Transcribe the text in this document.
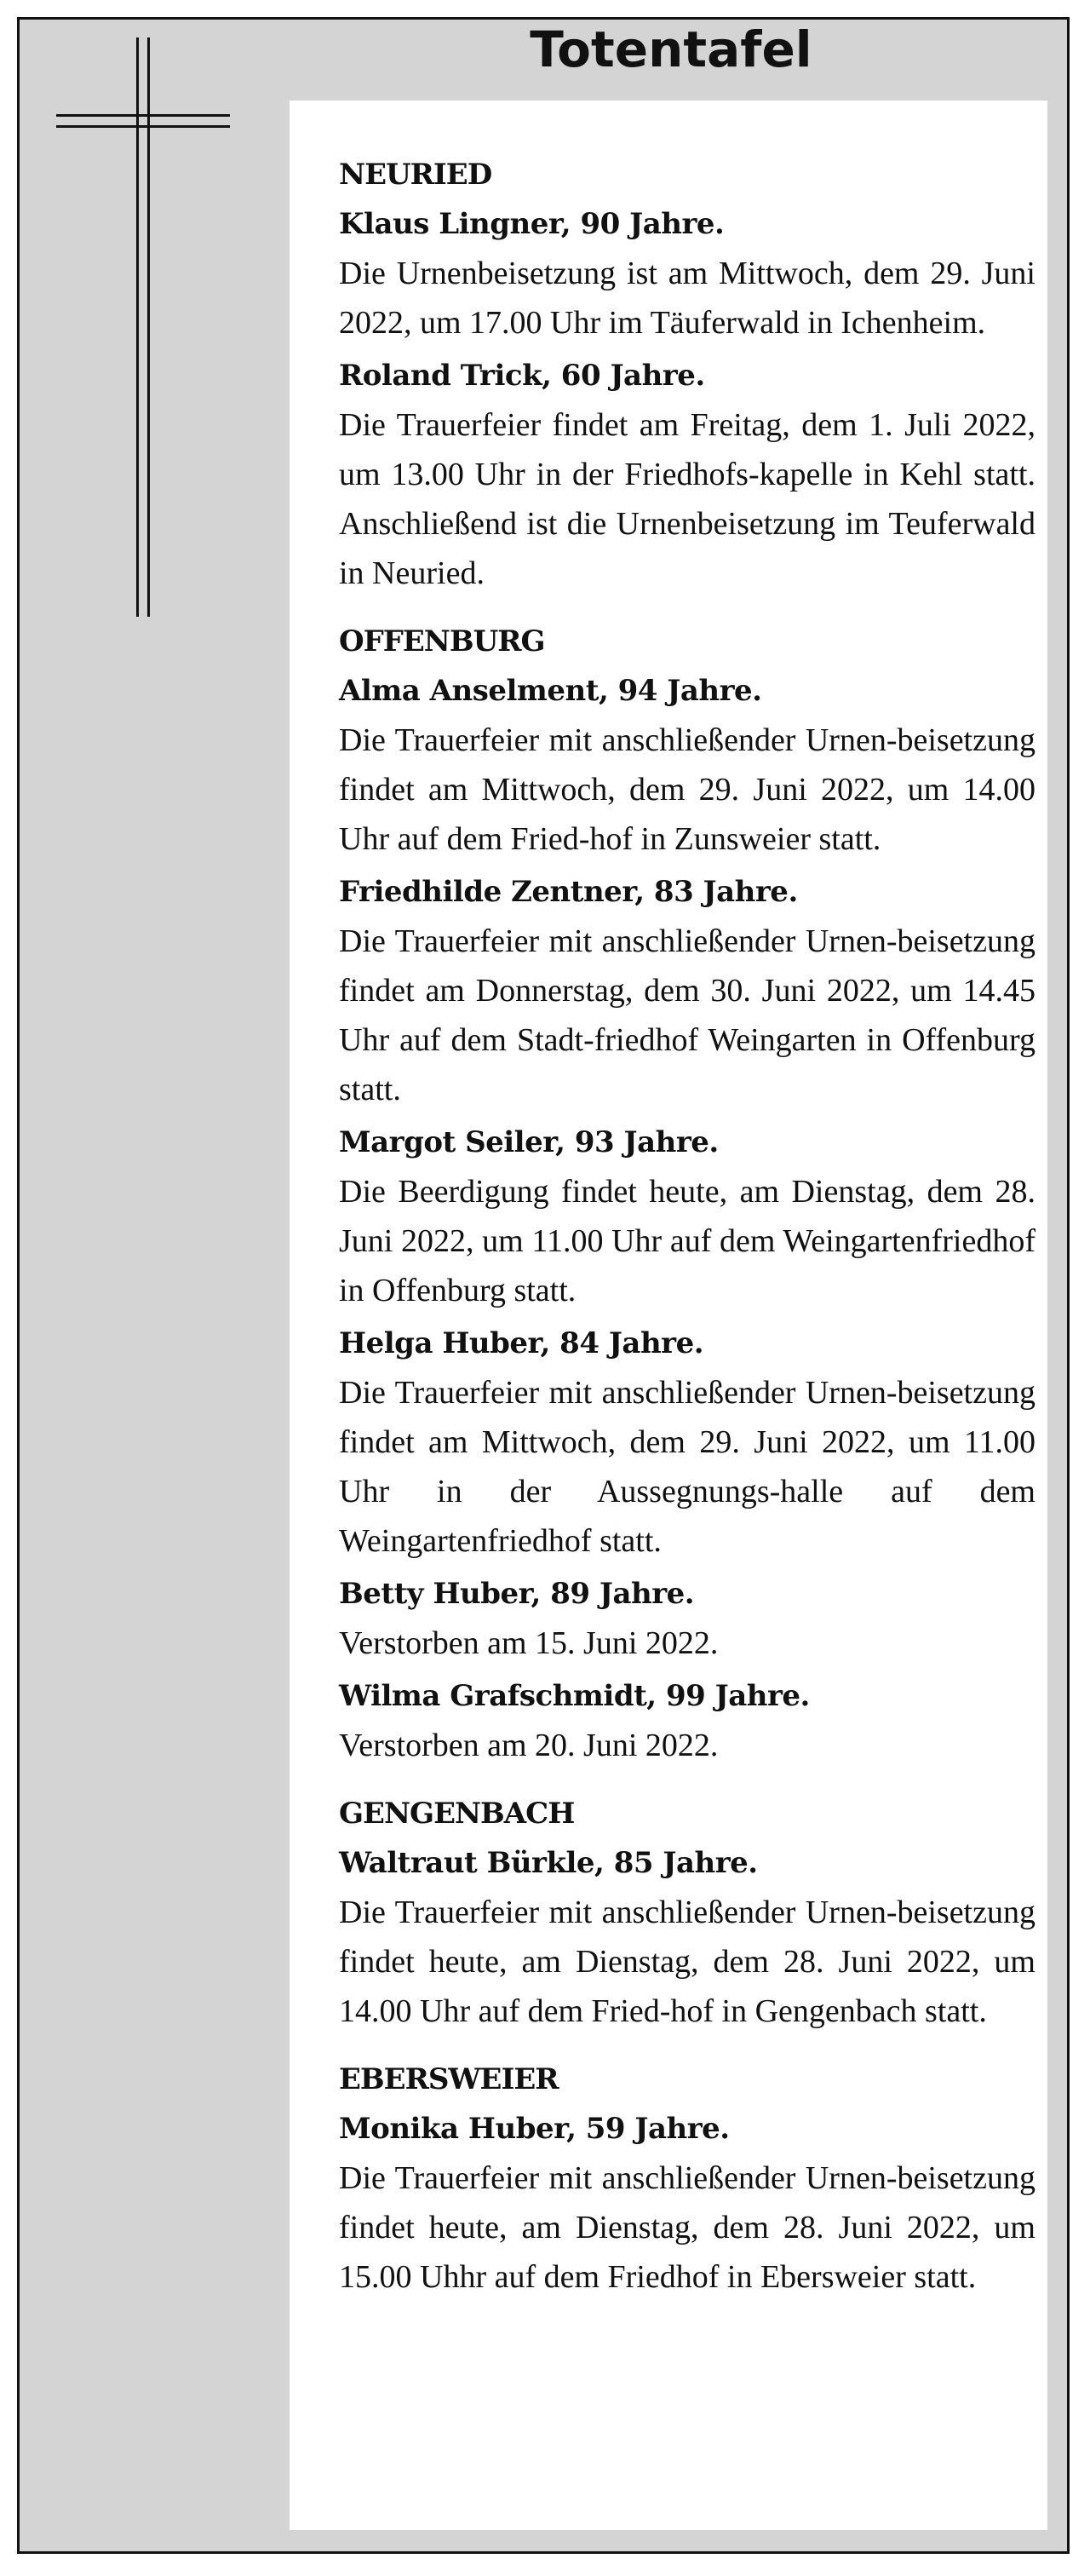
Totentafel
NEURIED
Klaus Lingner, 90 Jahre.
Die Urnenbeisetzung ist am Mittwoch, dem 29. Juni 2022, um 17.00 Uhr im Täuferwald in Ichenheim.
Roland Trick, 60 Jahre.
Die Trauerfeier findet am Freitag, dem 1. Juli 2022, um 13.00 Uhr in der Friedhofs-kapelle in Kehl statt. Anschließend ist die Urnenbeisetzung im Teuferwald in Neuried.
OFFENBURG
Alma Anselment, 94 Jahre.
Die Trauerfeier mit anschließender Urnen-beisetzung findet am Mittwoch, dem 29. Juni 2022, um 14.00 Uhr auf dem Fried-hof in Zunsweier statt.
Friedhilde Zentner, 83 Jahre.
Die Trauerfeier mit anschließender Urnen-beisetzung findet am Donnerstag, dem 30. Juni 2022, um 14.45 Uhr auf dem Stadt-friedhof Weingarten in Offenburg statt.
Margot Seiler, 93 Jahre.
Die Beerdigung findet heute, am Dienstag, dem 28. Juni 2022, um 11.00 Uhr auf dem Weingartenfriedhof in Offenburg statt.
Helga Huber, 84 Jahre.
Die Trauerfeier mit anschließender Urnen-beisetzung findet am Mittwoch, dem 29. Juni 2022, um 11.00 Uhr in der Aussegnungs-halle auf dem Weingartenfriedhof statt.
Betty Huber, 89 Jahre.
Verstorben am 15. Juni 2022.
Wilma Grafschmidt, 99 Jahre.
Verstorben am 20. Juni 2022.
GENGENBACH
Waltraut Bürkle, 85 Jahre.
Die Trauerfeier mit anschließender Urnen-beisetzung findet heute, am Dienstag, dem 28. Juni 2022, um 14.00 Uhr auf dem Fried-hof in Gengenbach statt.
EBERSWEIER
Monika Huber, 59 Jahre.
Die Trauerfeier mit anschließender Urnen-beisetzung findet heute, am Dienstag, dem 28. Juni 2022, um 15.00 Uhhr auf dem Friedhof in Ebersweier statt.
